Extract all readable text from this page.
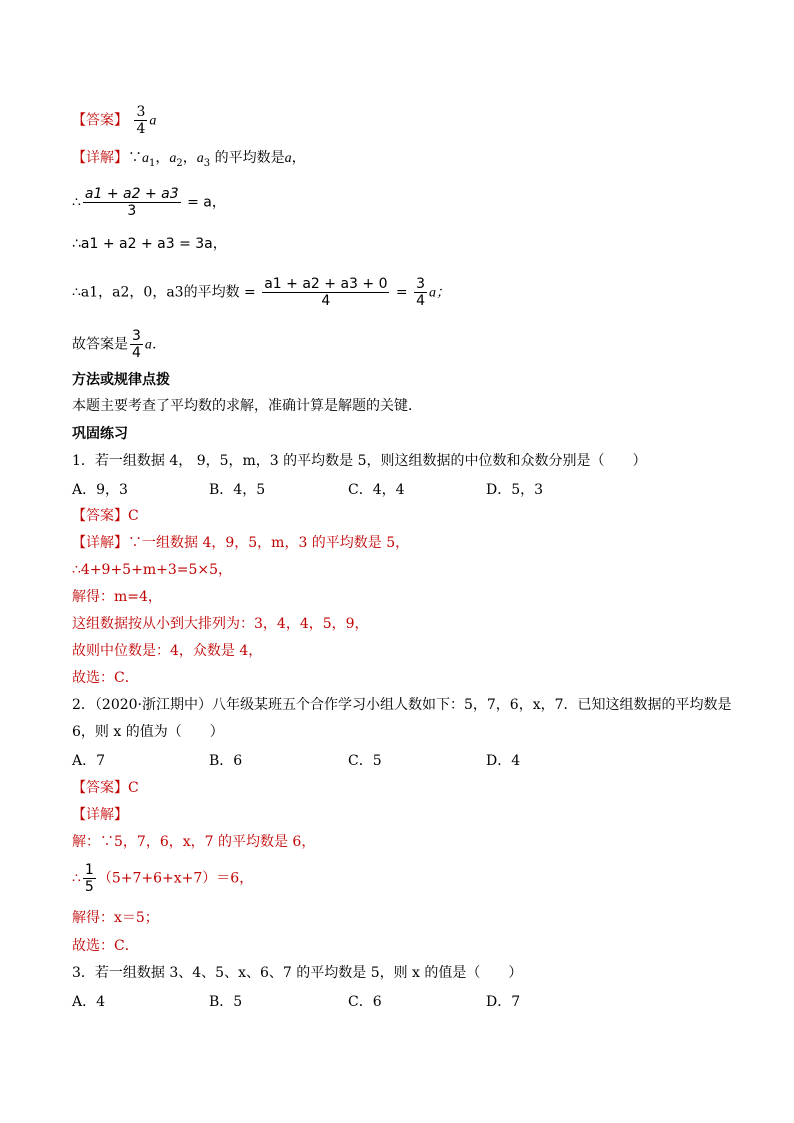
【答案】 $\frac{3}{4}$ a
【详解】$\because a_1$，$a_2$，$a_3$ 的平均数是a，
∴ $\frac{a1 + a2 + a3}{3} = a$，
∴a1 + a2 + a3 = 3a，
∴a1，a2，0，a3的平均数 = $\frac{a1 + a2 + a3 + 0}{4} = \frac{3}{4}$ a；
故答案是 $\frac{3}{4}$ a．
方法或规律点拨
本题主要考查了平均数的求解，准确计算是解题的关键．
巩固练习
1．若一组数据 4， 9，5，m，3 的平均数是 5，则这组数据的中位数和众数分别是（　　）
A．9，3	B．4，5	C．4，4	D．5，3
【答案】C
【详解】∵一组数据 4，9，5，m，3 的平均数是 5，
∴4+9+5+m+3=5×5，
解得：m=4，
这组数据按从小到大排列为：3，4，4，5，9，
故则中位数是：4，众数是 4，
故选：C．
2．（2020·浙江期中）八年级某班五个合作学习小组人数如下：5，7，6，x，7．已知这组数据的平均数是
6，则 x 的值为（　　）
A．7	B．6	C．5	D．4
【答案】C
【详解】
解：∵5，7，6，x，7 的平均数是 6，
∴ $\frac{1}{5} (5+7+6+x+7)=6$，
解得：x＝5；
故选：C．
3．若一组数据 3、4、5、x、6、7 的平均数是 5，则 x 的值是（　　）
A．4	B．5	C．6	D．7
